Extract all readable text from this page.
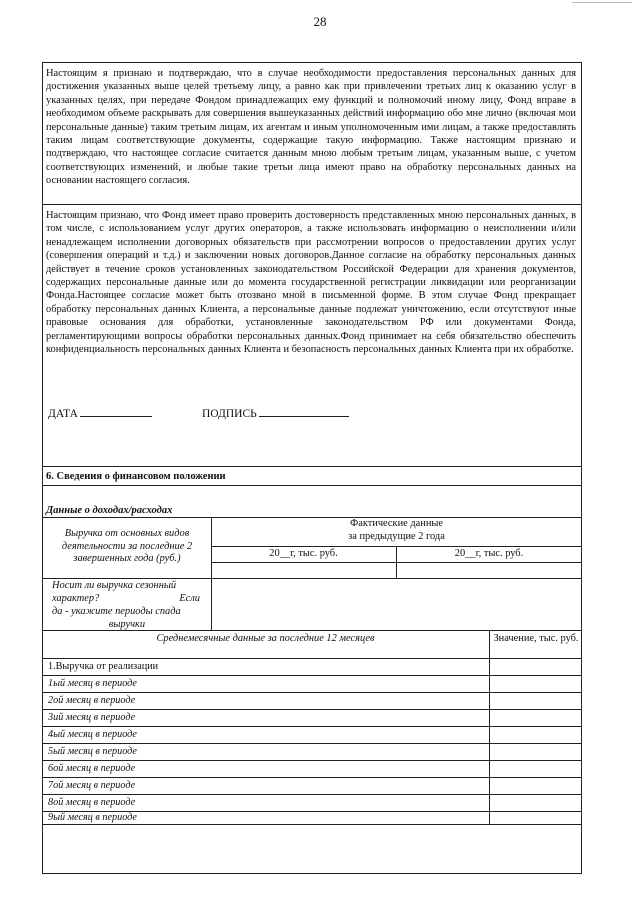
28

Настоящим я признаю и подтверждаю, что в случае необходимости предоставления персональных данных для достижения указанных выше целей третьему лицу, а равно как при привлечении третьих лиц к оказанию услуг в указанных целях, при передаче Фондом принадлежащих ему функций и полномочий иному лицу, Фонд вправе в необходимом объеме раскрывать для совершения вышеуказанных действий информацию обо мне лично (включая мои персональные данные) таким третьим лицам, их агентам и иным уполномоченным ими лицам, а также предоставлять таким лицам соответствующие документы, содержащие такую информацию. Также настоящим признаю и подтверждаю, что настоящее согласие считается данным мною любым третьим лицам, указанным выше, с учетом соответствующих изменений, и любые такие третьи лица имеют право на обработку персональных данных на основании настоящего согласия.

Настоящим признаю, что Фонд имеет право проверить достоверность представленных мною персональных данных, в том числе, с использованием услуг других операторов, а также использовать информацию о неисполнении и/или ненадлежащем исполнении договорных обязательств при рассмотрении вопросов о предоставлении других услуг (совершения операций и т.д.) и заключении новых договоров.Данное согласие на обработку персональных данных действует в течение сроков установленных законодательством Российской Федерации для хранения документов, содержащих персональные данные или до момента государственной регистрации ликвидации или реорганизации Фонда.Настоящее согласие может быть отозвано мной в письменной форме. В этом случае Фонд прекращает обработку персональных данных Клиента, а персональные данные подлежат уничтожению, если отсутствуют иные правовые основания для обработки, установленные законодательством РФ или документами Фонда, регламентирующими вопросы обработки персональных данных.Фонд принимает на себя обязательство обеспечить конфиденциальность персональных данных Клиента и безопасность персональных данных Клиента при их обработке.

ДАТА	ПОДПИСЬ
6. Сведения о финансовом положении
Данные о доходах/расходах
Выручка от основных видов деятельности за последние 2 завершенных года (руб.)
Фактические данные
за предыдущие 2 года
20__г, тыс. руб.	20__г, тыс. руб.
Носит ли выручка сезонный
характер?	Если
да - укажите периоды спада
выручки
Среднемесячные данные за последние 12 месяцев	Значение, тыс. руб.
1.Выручка от реализации
1ый месяц в периоде
2ой месяц в периоде
3ий месяц в периоде
4ый месяц в периоде
5ый месяц в периоде
6ой месяц в периоде
7ой месяц в периоде
8ой месяц в периоде
9ый месяц в периоде
